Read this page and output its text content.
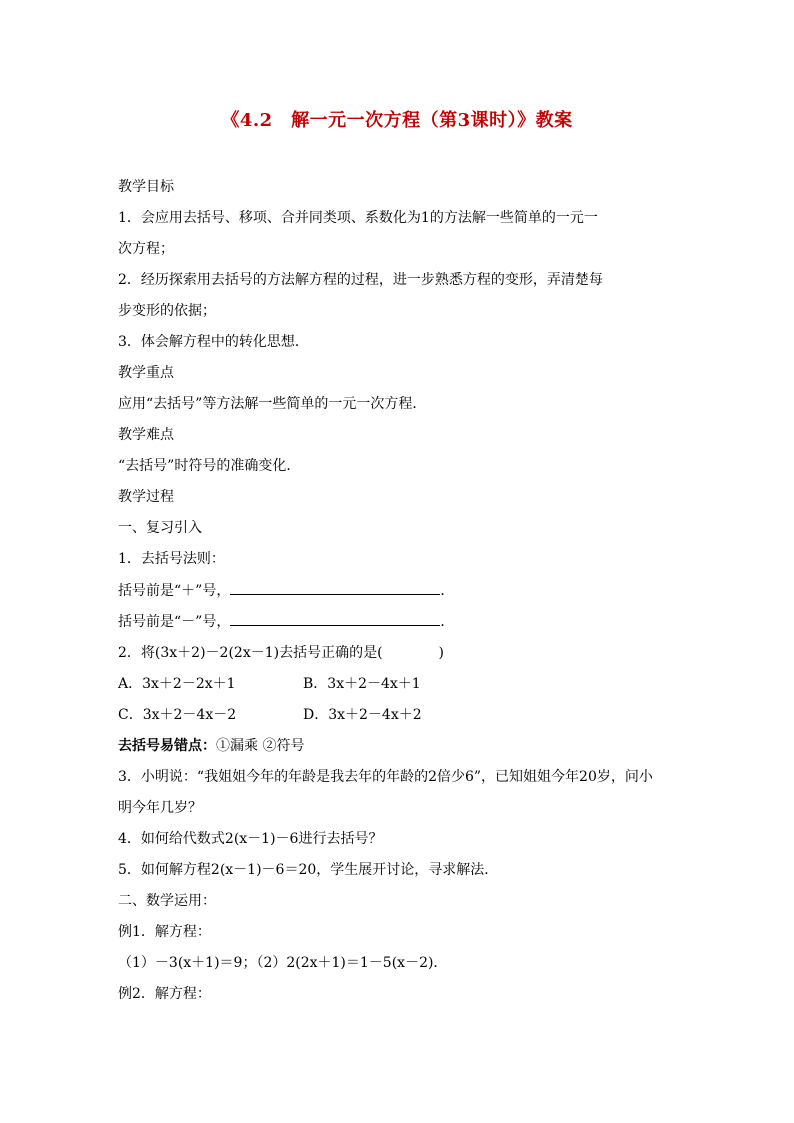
《4.2　解一元一次方程（第3课时）》教案
教学目标
1．会应用去括号、移项、合并同类项、系数化为1的方法解一些简单的一元一
次方程；
2．经历探索用去括号的方法解方程的过程，进一步熟悉方程的变形，弄清楚每
步变形的依据；
3．体会解方程中的转化思想．
教学重点
应用“去括号”等方法解一些简单的一元一次方程．
教学难点
“去括号”时符号的准确变化．
教学过程
一、复习引入
1．去括号法则：
括号前是“＋”号，	．
括号前是“－”号，	．
2．将(3x＋2)－2(2x－1)去括号正确的是(　　　　)
A．3x＋2－2x＋1	B．3x＋2－4x＋1
C．3x＋2－4x－2	D．3x＋2－4x＋2
去括号易错点：①漏乘 ②符号
3．小明说：“我姐姐今年的年龄是我去年的年龄的2倍少6”，已知姐姐今年20岁，问小
明今年几岁？
4．如何给代数式2(x－1)－6进行去括号？
5．如何解方程2(x－1)－6＝20，学生展开讨论，寻求解法．
二、数学运用：
例1．解方程：
（1）－3(x＋1)＝9；（2）2(2x＋1)＝1－5(x－2)．
例2．解方程：
